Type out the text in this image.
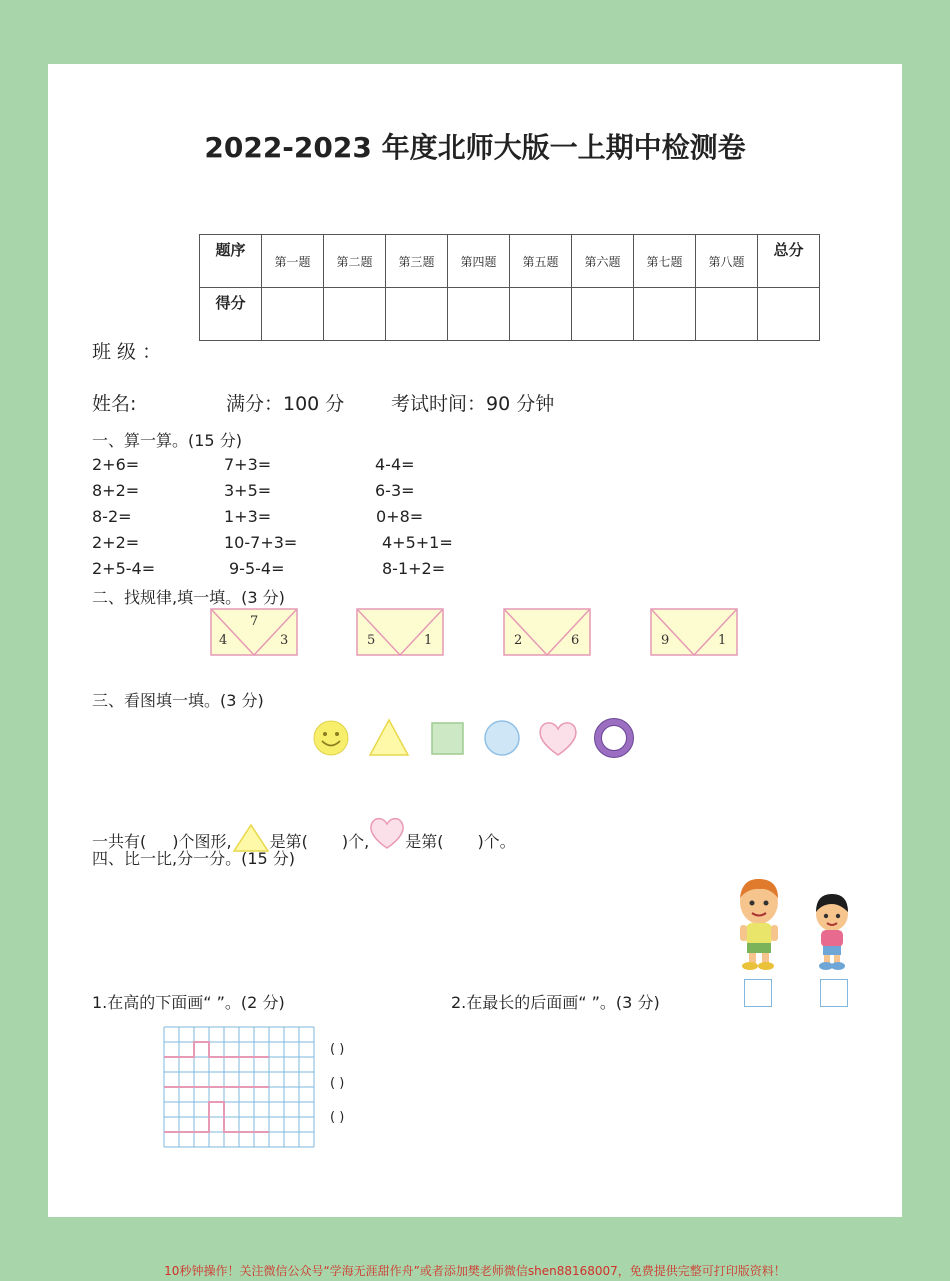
2022-2023 年度北师大版一上期中检测卷
题序	第一题	第二题	第三题	第四题	第五题	第六题	第七题	第八题	总分
得分									
班 级 ：
姓名:	满分：100 分 考试时间：90 分钟
一、算一算。(15 分)
2+6=	7+3=	4-4=
8+2=	3+5=	6-3=
8-2=	1+3=	0+8=
2+2=	10-7+3=	4+5+1=
2+5-4=	9-5-4=	8-1+2=
二、找规律,填一填。(3 分)
4
7
3	5	1	2	6	9	1
三、看图填一填。(3 分)
一共有( )个图形, 是第( )个, 是第( )个。
四、比一比,分一分。(15 分)
1.在高的下面画“ ”。(2 分)	2.在最长的后面画“ ”。(3 分)
( )
( )
( )
10秒钟操作！关注微信公众号“学海无涯甜作舟”或者添加樊老师微信shen88168007，免费提供完整可打印版资料！
